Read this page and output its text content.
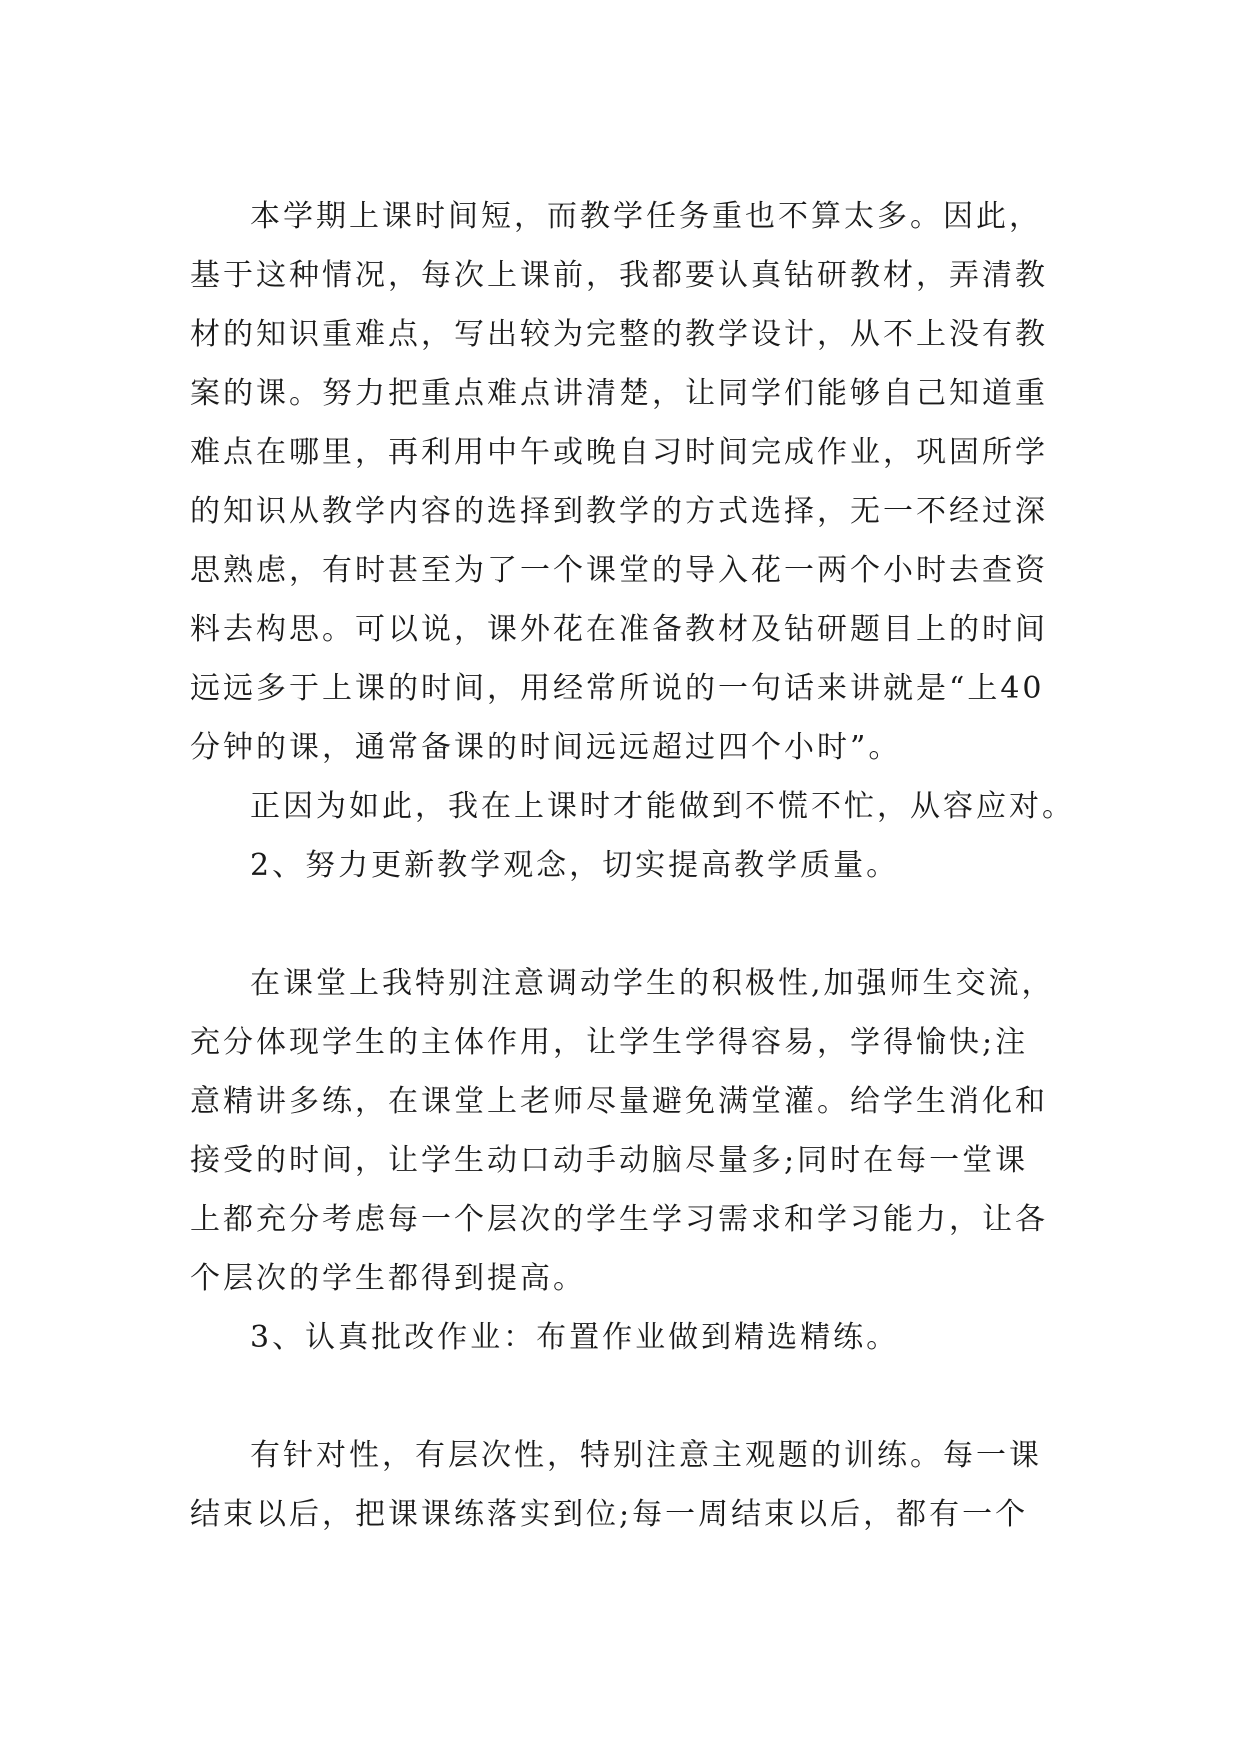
本学期上课时间短，而教学任务重也不算太多。因此，
基于这种情况，每次上课前，我都要认真钻研教材，弄清教
材的知识重难点，写出较为完整的教学设计，从不上没有教
案的课。努力把重点难点讲清楚，让同学们能够自己知道重
难点在哪里，再利用中午或晚自习时间完成作业，巩固所学
的知识从教学内容的选择到教学的方式选择，无一不经过深
思熟虑，有时甚至为了一个课堂的导入花一两个小时去查资
料去构思。可以说，课外花在准备教材及钻研题目上的时间
远远多于上课的时间，用经常所说的一句话来讲就是“上40
分钟的课，通常备课的时间远远超过四个小时”。
正因为如此，我在上课时才能做到不慌不忙，从容应对。
2、努力更新教学观念，切实提高教学质量。
在课堂上我特别注意调动学生的积极性,加强师生交流，
充分体现学生的主体作用，让学生学得容易，学得愉快;注
意精讲多练，在课堂上老师尽量避免满堂灌。给学生消化和
接受的时间，让学生动口动手动脑尽量多;同时在每一堂课
上都充分考虑每一个层次的学生学习需求和学习能力，让各
个层次的学生都得到提高。
3、认真批改作业：布置作业做到精选精练。
有针对性，有层次性，特别注意主观题的训练。每一课
结束以后，把课课练落实到位;每一周结束以后，都有一个
